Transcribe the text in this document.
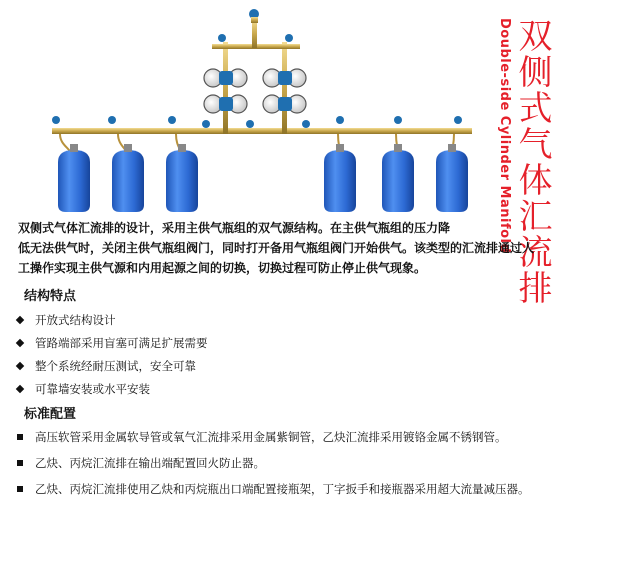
Double-side Cylinder Manifold 双侧式气体汇流排
双侧式气体汇流排的设计，采用主供气瓶组的双气源结构。在主供气瓶组的压力降
低无法供气时，关闭主供气瓶组阀门，同时打开备用气瓶组阀门开始供气。该类型的汇流排通过人
工操作实现主供气源和内用起源之间的切换，切换过程可防止停止供气现象。
结构特点
开放式结构设计
管路端部采用盲塞可满足扩展需要
整个系统经耐压测试，安全可靠
可靠墙安装或水平安装
标准配置
高压软管采用金属软导管或氧气汇流排采用金属紫铜管，乙炔汇流排采用镀铬金属不锈钢管。
乙炔、丙烷汇流排在输出端配置回火防止器。
乙炔、丙烷汇流排使用乙炔和丙烷瓶出口端配置接瓶架，丁字扳手和接瓶器采用超大流量减压器。
